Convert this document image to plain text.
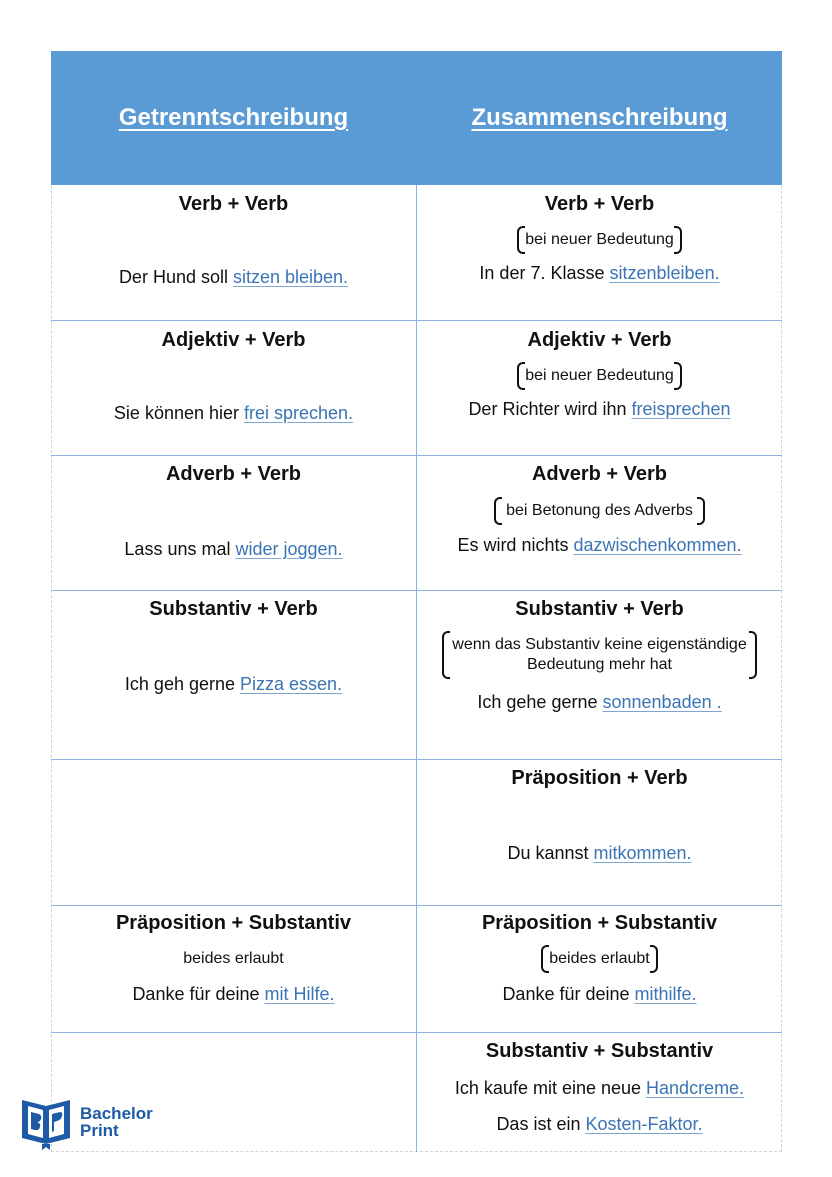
Getrenntschreibung	Zusammenschreibung
Verb + Verb
Der Hund soll sitzen bleiben.
Verb + Verb
bei neuer Bedeutung
In der 7. Klasse sitzenbleiben.
Adjektiv + Verb
Sie können hier frei sprechen.
Adjektiv + Verb
bei neuer Bedeutung
Der Richter wird ihn freisprechen
Adverb + Verb
Lass uns mal wider joggen.
Adverb + Verb
bei Betonung des Adverbs
Es wird nichts dazwischenkommen.
Substantiv + Verb
Ich geh gerne Pizza essen.
Substantiv + Verb
wenn das Substantiv keine eigenständige
Bedeutung mehr hat
Ich gehe gerne sonnenbaden .
Präposition + Verb
Du kannst mitkommen.
Präposition + Substantiv
beides erlaubt
Danke für deine mit Hilfe.
Präposition + Substantiv
beides erlaubt
Danke für deine mithilfe.
Substantiv + Substantiv
Ich kaufe mit eine neue Handcreme.
Das ist ein Kosten-Faktor.
Bachelor
Print
